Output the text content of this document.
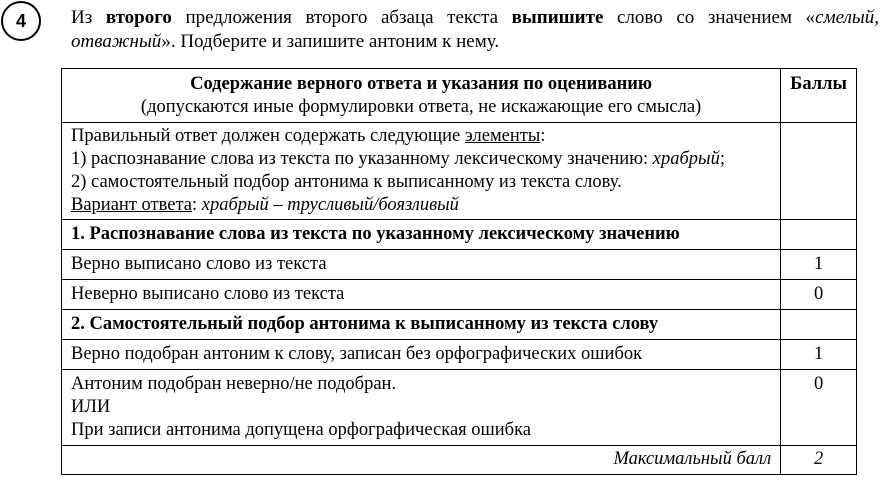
4 Из второго предложения второго абзаца текста выпишите слово со значением «смелый, отважный». Подберите и запишите антоним к нему.
Содержание верного ответа и указания по оцениванию
(допускаются иные формулировки ответа, не искажающие его смысла)	Баллы
Правильный ответ должен содержать следующие элементы:
1) распознавание слова из текста по указанному лексическому значению: храбрый;
2) самостоятельный подбор антонима к выписанному из текста слову.
Вариант ответа: храбрый – трусливый/боязливый	
1. Распознавание слова из текста по указанному лексическому значению	
Верно выписано слово из текста	1
Неверно выписано слово из текста	0
2. Самостоятельный подбор антонима к выписанному из текста слову	
Верно подобран антоним к слову, записан без орфографических ошибок	1

Антоним подобран неверно/не подобран.
ИЛИ
При записи антонима допущена орфографическая ошибка	0
Максимальный балл	2
